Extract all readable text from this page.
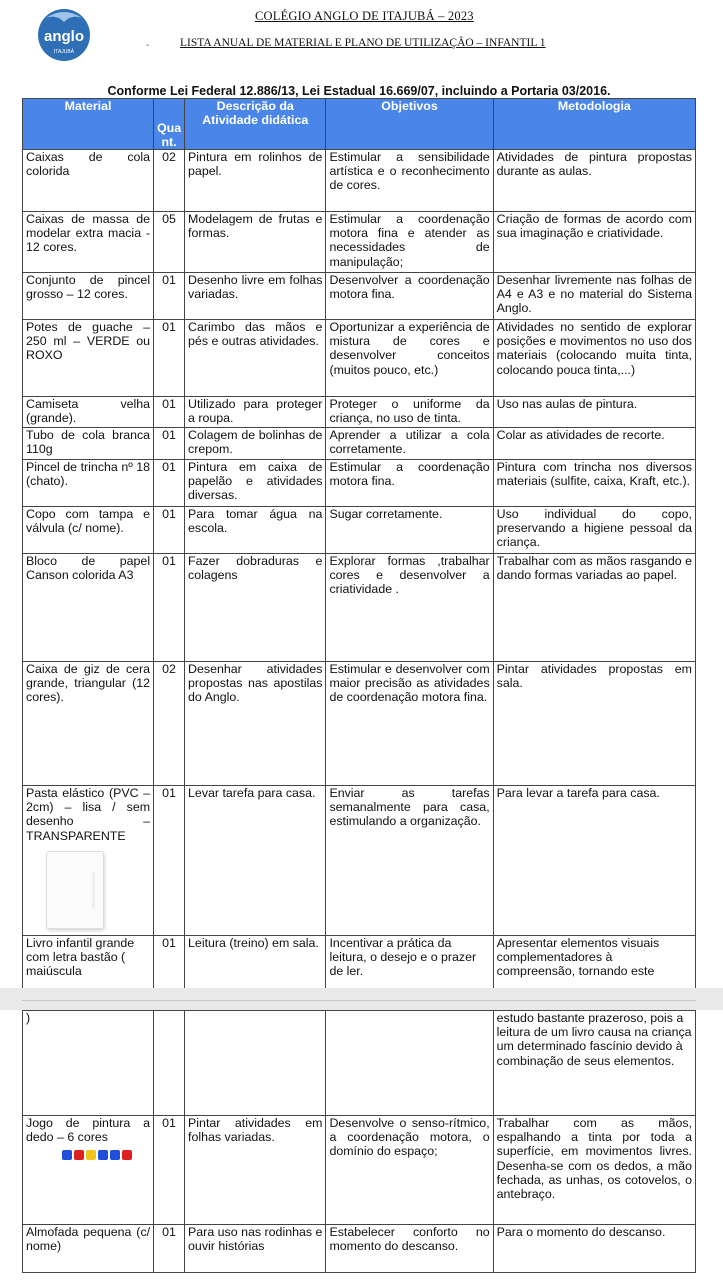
anglo
ITAJUBÁ
COLÉGIO ANGLO DE ITAJUBÁ – 2023
-	LISTA ANUAL DE MATERIAL E PLANO DE UTILIZAÇÃO – INFANTIL 1
Conforme Lei Federal 12.886/13, Lei Estadual 16.669/07, incluindo a Portaria 03/2016.
Material	Qua nt.	Descrição da Atividade didática	Objetivos	Metodologia
Caixas de cola colorida	02	Pintura em rolinhos de papel.	Estimular a sensibilidade artística e o reconhecimento de cores.	Atividades de pintura propostas durante as aulas.
Caixas de massa de modelar extra macia - 12 cores.	05	Modelagem de frutas e formas.	Estimular a coordenação motora fina e atender as necessidades de manipulação;	Criação de formas de acordo com sua imaginação e criatividade.
Conjunto de pincel grosso – 12 cores.	01	Desenho livre em folhas variadas.	Desenvolver a coordenação motora fina.	Desenhar livremente nas folhas de A4 e A3 e no material do Sistema Anglo.
Potes de guache – 250 ml – VERDE ou ROXO	01	Carimbo das mãos e pés e outras atividades.	Oportunizar a experiência de mistura de cores e desenvolver conceitos (muitos pouco, etc.)	Atividades no sentido de explorar posições e movimentos no uso dos materiais (colocando muita tinta, colocando pouca tinta,...)
Camiseta velha (grande).	01	Utilizado para proteger a roupa.	Proteger o uniforme da criança, no uso de tinta.	Uso nas aulas de pintura.
Tubo de cola branca 110g	01	Colagem de bolinhas de crepom.	Aprender a utilizar a cola corretamente.	Colar as atividades de recorte.
Pincel de trincha nº 18 (chato).	01	Pintura em caixa de papelão e atividades diversas.	Estimular a coordenação motora fina.	Pintura com trincha nos diversos materiais (sulfite, caixa, Kraft, etc.).
Copo com tampa e válvula (c/ nome).	01	Para tomar água na escola.	Sugar corretamente.	Uso individual do copo, preservando a higiene pessoal da criança.
Bloco de papel Canson colorida A3	01	Fazer dobraduras e colagens	Explorar formas ,trabalhar cores e desenvolver a criatividade .	Trabalhar com as mãos rasgando e dando formas variadas ao papel.
Caixa de giz de cera grande, triangular (12 cores).	02	Desenhar atividades propostas nas apostilas do Anglo.	Estimular e desenvolver com maior precisão as atividades de coordenação motora fina.	Pintar atividades propostas em sala.
Pasta elástico (PVC –2cm) – lisa / sem desenho – TRANSPARENTE	01	Levar tarefa para casa.	Enviar as tarefas semanalmente para casa, estimulando a organização.	Para levar a tarefa para casa.
Livro infantil grande com letra bastão ( maiúscula	01	Leitura (treino) em sala.	Incentivar a prática da leitura, o desejo e o prazer de ler.	Apresentar elementos visuais complementadores à compreensão, tornando este
)				estudo bastante prazeroso, pois a leitura de um livro causa na criança um determinado fascínio devido à combinação de seus elementos.
Jogo de pintura a dedo – 6 cores	01	Pintar atividades em folhas variadas.	Desenvolve o senso-rítmico, a coordenação motora, o domínio do espaço;	Trabalhar com as mãos, espalhando a tinta por toda a superfície, em movimentos livres. Desenha-se com os dedos, a mão fechada, as unhas, os cotovelos, o antebraço.
Almofada pequena (c/ nome)	01	Para uso nas rodinhas e ouvir histórias	Estabelecer conforto no momento do descanso.	Para o momento do descanso.
